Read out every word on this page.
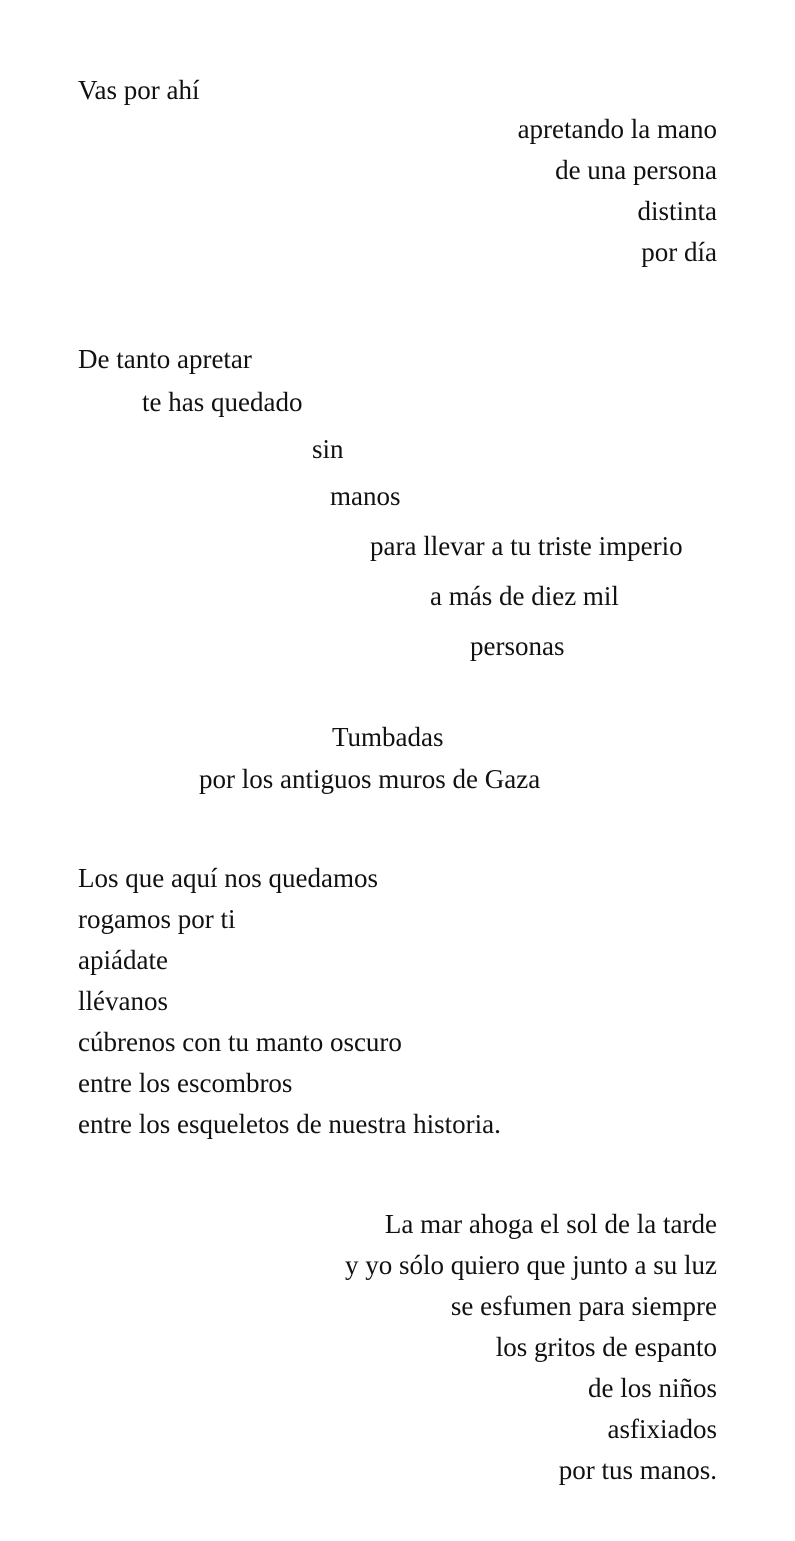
Vas por ahí

apretando la mano

de una persona

distinta

por día

De tanto apretar

te has quedado

sin

manos

para llevar a tu triste imperio

a más de diez mil

personas

Tumbadas

por los antiguos muros de Gaza

Los que aquí nos quedamos

rogamos por ti

apiádate

llévanos

cúbrenos con tu manto oscuro

entre los escombros

entre los esqueletos de nuestra historia.

La mar ahoga el sol de la tarde

y yo sólo quiero que junto a su luz

se esfumen para siempre

los gritos de espanto

de los niños

asfixiados

por tus manos.
